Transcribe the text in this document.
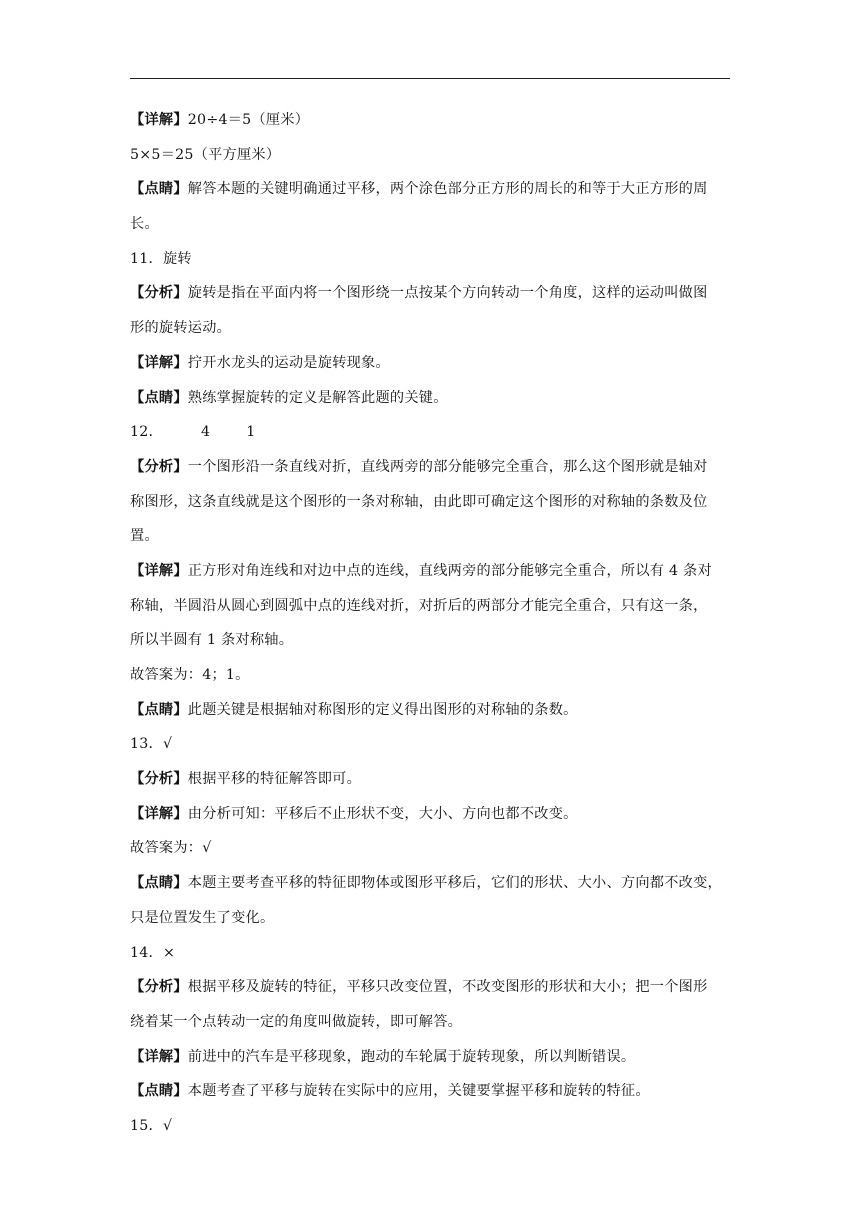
【详解】20÷4＝5（厘米）
5×5＝25（平方厘米）
【点睛】解答本题的关键明确通过平移，两个涂色部分正方形的周长的和等于大正方形的周
长。
11．旋转
【分析】旋转是指在平面内将一个图形绕一点按某个方向转动一个角度，这样的运动叫做图
形的旋转运动。
【详解】拧开水龙头的运动是旋转现象。
【点睛】熟练掌握旋转的定义是解答此题的关键。
12．	4	1
【分析】一个图形沿一条直线对折，直线两旁的部分能够完全重合，那么这个图形就是轴对
称图形，这条直线就是这个图形的一条对称轴，由此即可确定这个图形的对称轴的条数及位
置。
【详解】正方形对角连线和对边中点的连线，直线两旁的部分能够完全重合，所以有 4 条对
称轴，半圆沿从圆心到圆弧中点的连线对折，对折后的两部分才能完全重合，只有这一条，
所以半圆有 1 条对称轴。
故答案为：4；1。
【点睛】此题关键是根据轴对称图形的定义得出图形的对称轴的条数。
13．√
【分析】根据平移的特征解答即可。
【详解】由分析可知：平移后不止形状不变，大小、方向也都不改变。
故答案为：√
【点睛】本题主要考查平移的特征即物体或图形平移后，它们的形状、大小、方向都不改变，
只是位置发生了变化。
14．×
【分析】根据平移及旋转的特征，平移只改变位置，不改变图形的形状和大小；把一个图形
绕着某一个点转动一定的角度叫做旋转，即可解答。
【详解】前进中的汽车是平移现象，跑动的车轮属于旋转现象，所以判断错误。
【点睛】本题考查了平移与旋转在实际中的应用，关键要掌握平移和旋转的特征。
15．√
